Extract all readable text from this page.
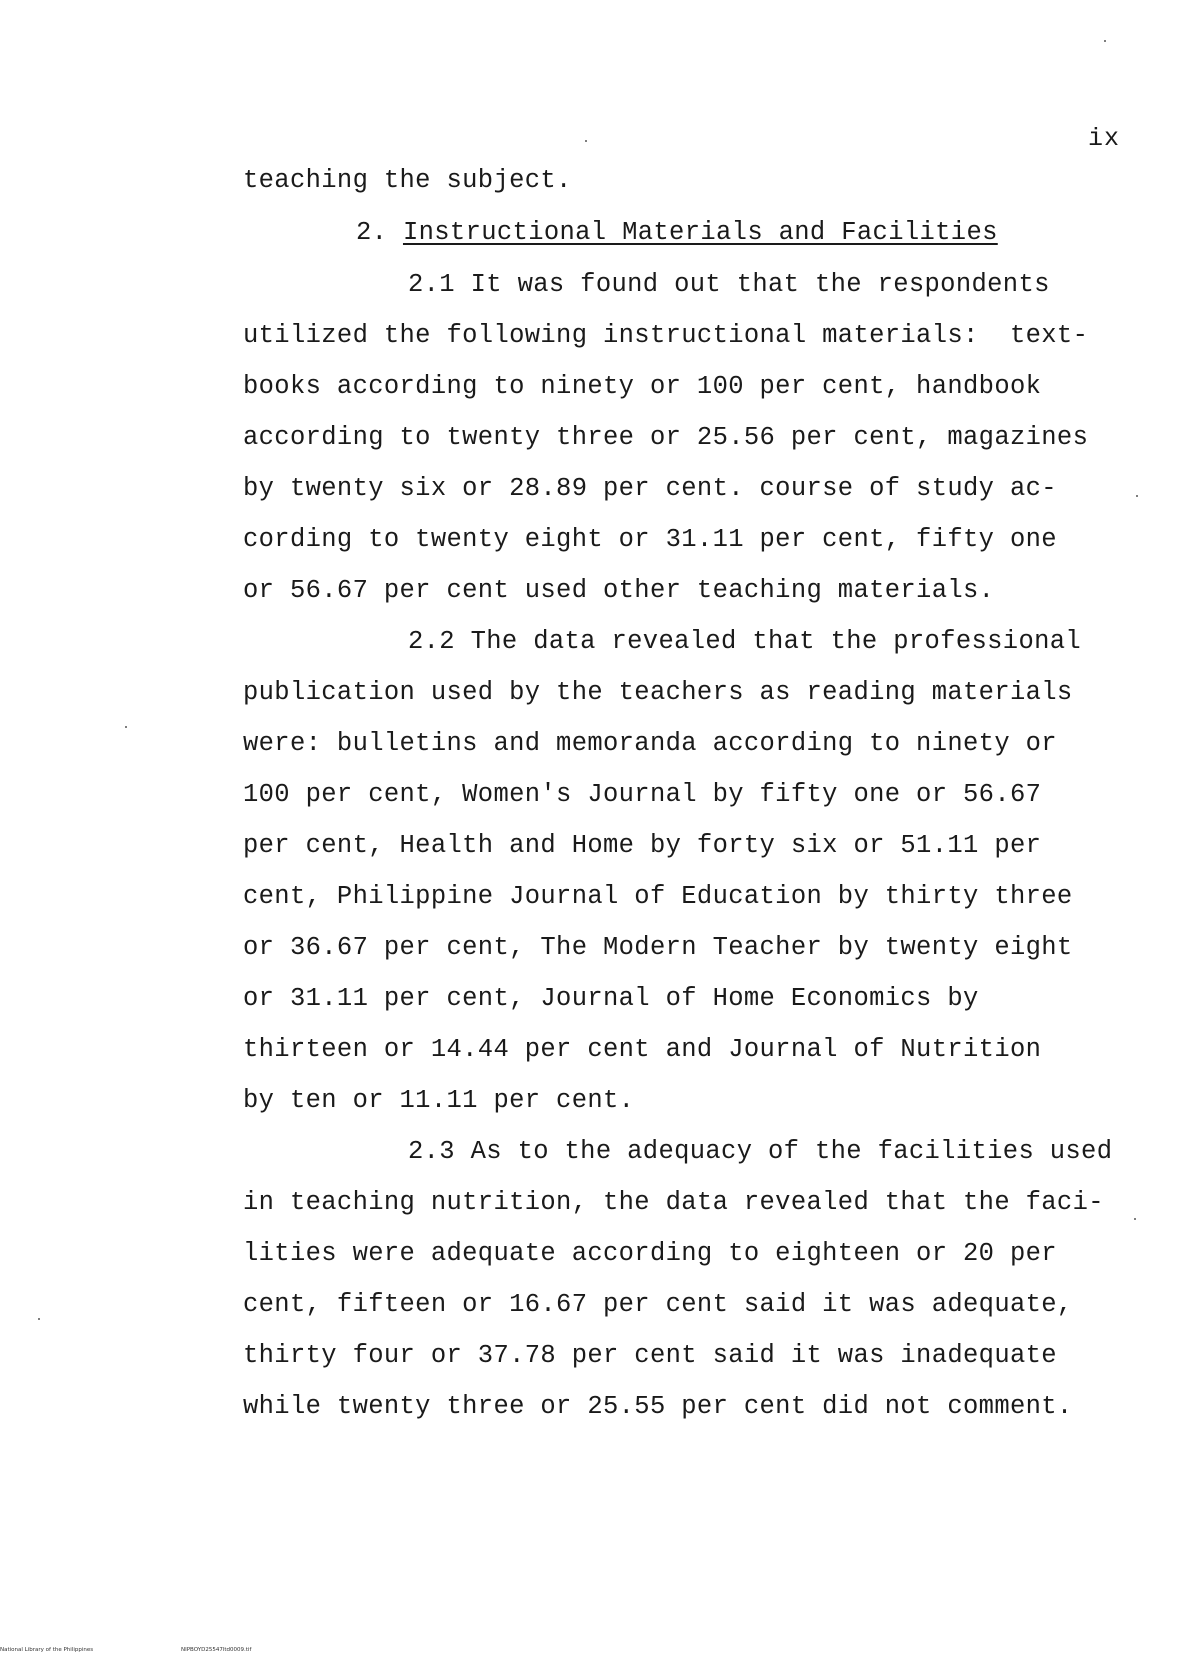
ix
teaching the subject.
2. Instructional Materials and Facilities
2.1 It was found out that the respondents
utilized the following instructional materials:  text-
books according to ninety or 100 per cent, handbook
according to twenty three or 25.56 per cent, magazines
by twenty six or 28.89 per cent. course of study ac-
cording to twenty eight or 31.11 per cent, fifty one
or 56.67 per cent used other teaching materials.
2.2 The data revealed that the professional
publication used by the teachers as reading materials
were: bulletins and memoranda according to ninety or
100 per cent, Women's Journal by fifty one or 56.67
per cent, Health and Home by forty six or 51.11 per
cent, Philippine Journal of Education by thirty three
or 36.67 per cent, The Modern Teacher by twenty eight
or 31.11 per cent, Journal of Home Economics by
thirteen or 14.44 per cent and Journal of Nutrition
by ten or 11.11 per cent.
2.3 As to the adequacy of the facilities used
in teaching nutrition, the data revealed that the faci-
lities were adequate according to eighteen or 20 per
cent, fifteen or 16.67 per cent said it was adequate,
thirty four or 37.78 per cent said it was inadequate
while twenty three or 25.55 per cent did not comment.
National Library of the Philippines	NIPBOYD25547ltd0009.tif
